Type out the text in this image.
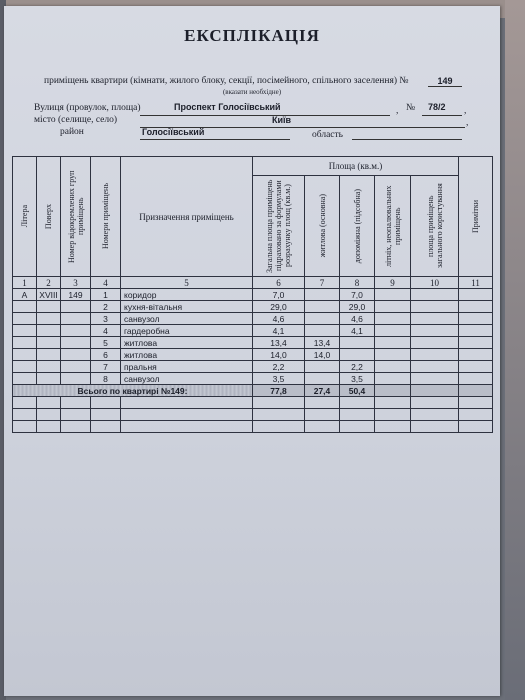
ЕКСПЛІКАЦІЯ
приміщень квартири (кімнати, жилого блоку, секції, посімейного, спільного заселення) №	149
(вказати необхідне)
Вулиця (провулок, площа)	Проспект Голосіївський	, № 78/2 ,
місто (селище, село)	Київ	,
район	Голосіївський	область
Літера	Поверх	Номер відокремлених груп приміщень	Номери приміщень	Призначення приміщень	Площа (кв.м.)					Примітки

					Загальна площа приміщень підраховано за формулами розрахунку площ (кв.м.)	житлова (основна)	допоміжна (підсобна)	літніх, неопалювальних приміщень	площа приміщень загального користування	

1	2	3	4	5	6	7	8	9	10	11
А	XVIII	149	1	коридор	7,0		7,0			
			2	кухня-вітальня	29,0		29,0			
			3	санвузол	4,6		4,6			
			4	гардеробна	4,1		4,1			
			5	житлова	13,4	13,4				
			6	житлова	14,0	14,0				
			7	пральня	2,2		2,2			
			8	санвузол	3,5		3,5			
Всього по квартирі №149:					77,8	27,4	50,4			
